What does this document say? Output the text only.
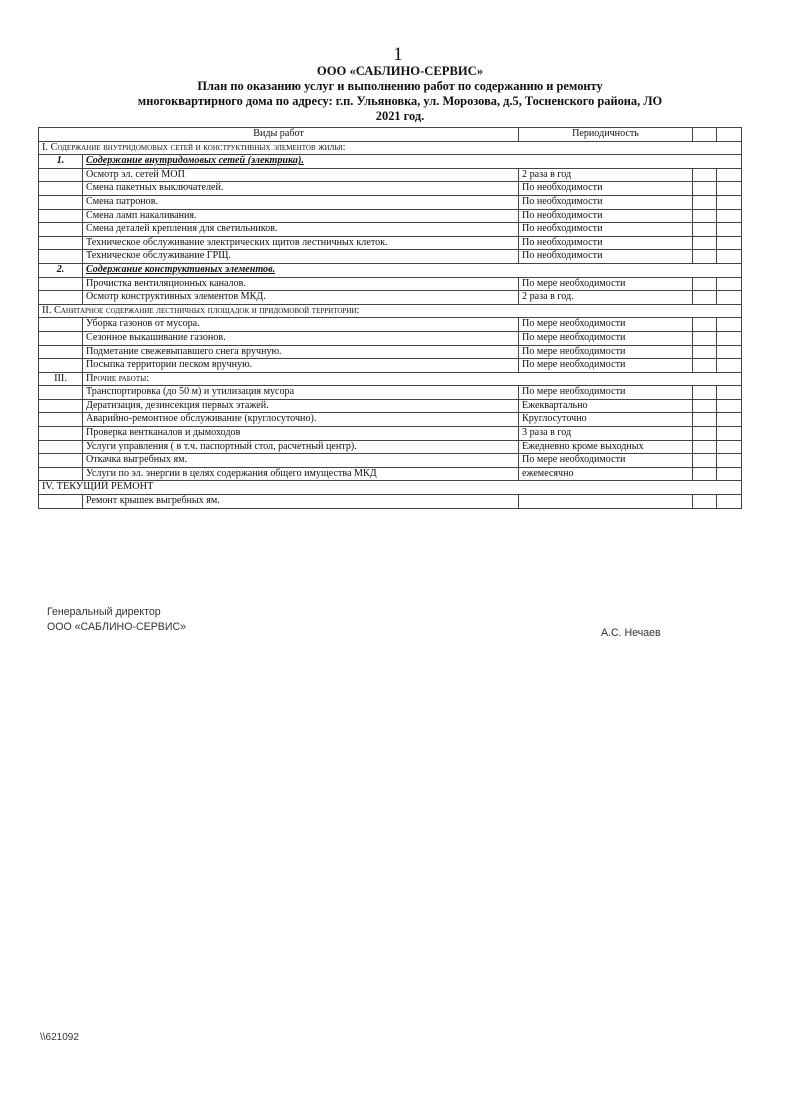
1
ООО «САБЛИНО-СЕРВИС»
План по оказанию услуг и выполнению работ по содержанию и ремонту
многоквартирного дома по адресу: г.п. Ульяновка, ул. Морозова, д.5, Тосненского района, ЛО
2021 год.
Виды работ		Периодичность		
I. Содержание внутридомовых сетей и конструктивных элементов жилья:				
1.	Содержание внутридомовых сетей (электрика).			
	Осмотр эл. сетей МОП	2 раза в год		
	Смена пакетных выключателей.	По необходимости		
	Смена патронов.	По необходимости		
	Смена ламп накаливания.	По необходимости		
	Смена деталей крепления для светильников.	По необходимости		
	Техническое обслуживание электрических щитов лестничных клеток.	По необходимости		
	Техническое обслуживание ГРЩ.	По необходимости		
2.	Содержание конструктивных элементов.			
	Прочистка вентиляционных каналов.	По мере необходимости		
	Осмотр конструктивных элементов МКД.	2 раза в год.		
II. Санитарное содержание лестничных площадок и придомовой территории:				
	Уборка газонов от мусора.	По мере необходимости		
	Сезонное выкашивание газонов.	По мере необходимости		
	Подметание свежевыпавшего снега вручную.	По мере необходимости		
	Посыпка территории песком вручную.	По мере необходимости		
III.	Прочие работы:			
	Транспортировка (до 50 м) и утилизация мусора	По мере необходимости		
	Дератизация, дезинсекция первых этажей.	Ежеквартально		
	Аварийно-ремонтное обслуживание (круглосуточно).	Круглосуточно		
	Проверка вентканалов и дымоходов	3 раза в год		
	Услуги управления ( в т.ч. паспортный стол, расчетный центр).	Ежедневно кроме выходных		
	Откачка выгребных ям.	По мере необходимости		
	Услуги по эл. энергии в целях содержания общего имущества МКД	ежемесячно		
IV. ТЕКУЩИЙ РЕМОНТ				
	Ремонт крышек выгребных ям.			
Генеральный директор
ООО «САБЛИНО-СЕРВИС»	А.С. Нечаев
\\621092
